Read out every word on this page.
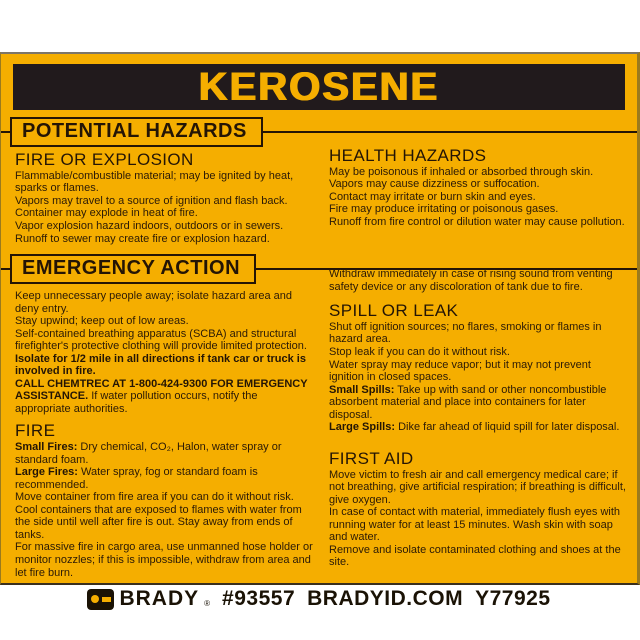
KEROSENE
POTENTIAL HAZARDS
FIRE OR EXPLOSION

Flammable/combustible material; may be ignited by heat, sparks or flames.

Vapors may travel to a source of ignition and flash back.

Container may explode in heat of fire.

Vapor explosion hazard indoors, outdoors or in sewers.

Runoff to sewer may create fire or explosion hazard.

HEALTH HAZARDS

May be poisonous if inhaled or absorbed through skin.

Vapors may cause dizziness or suffocation.

Contact may irritate or burn skin and eyes.

Fire may produce irritating or poisonous gases.

Runoff from fire control or dilution water may cause pollution.

EMERGENCY ACTION

Keep unnecessary people away; isolate hazard area and deny entry.

Stay upwind; keep out of low areas.

Self-contained breathing apparatus (SCBA) and structural firefighter's protective clothing will provide limited protection.

Isolate for 1/2 mile in all directions if tank car or truck is involved in fire.

CALL CHEMTREC AT 1-800-424-9300 FOR EMERGENCY ASSISTANCE. If water pollution occurs, notify the appropriate authorities.

FIRE

Small Fires: Dry chemical, CO₂, Halon, water spray or standard foam.

Large Fires: Water spray, fog or standard foam is recommended.

Move container from fire area if you can do it without risk.

Cool containers that are exposed to flames with water from the side until well after fire is out. Stay away from ends of tanks.

For massive fire in cargo area, use unmanned hose holder or monitor nozzles; if this is impossible, withdraw from area and let fire burn.

Withdraw immediately in case of rising sound from venting safety device or any discoloration of tank due to fire.

SPILL OR LEAK

Shut off ignition sources; no flares, smoking or flames in hazard area.

Stop leak if you can do it without risk.

Water spray may reduce vapor; but it may not prevent ignition in closed spaces.

Small Spills: Take up with sand or other noncombustible absorbent material and place into containers for later disposal.

Large Spills: Dike far ahead of liquid spill for later disposal.

FIRST AID

Move victim to fresh air and call emergency medical care; if not breathing, give artificial respiration; if breathing is difficult, give oxygen.

In case of contact with material, immediately flush eyes with running water for at least 15 minutes. Wash skin with soap and water.

Remove and isolate contaminated clothing and shoes at the site.

BRADY ® #93557 BRADYID.COM Y77925
